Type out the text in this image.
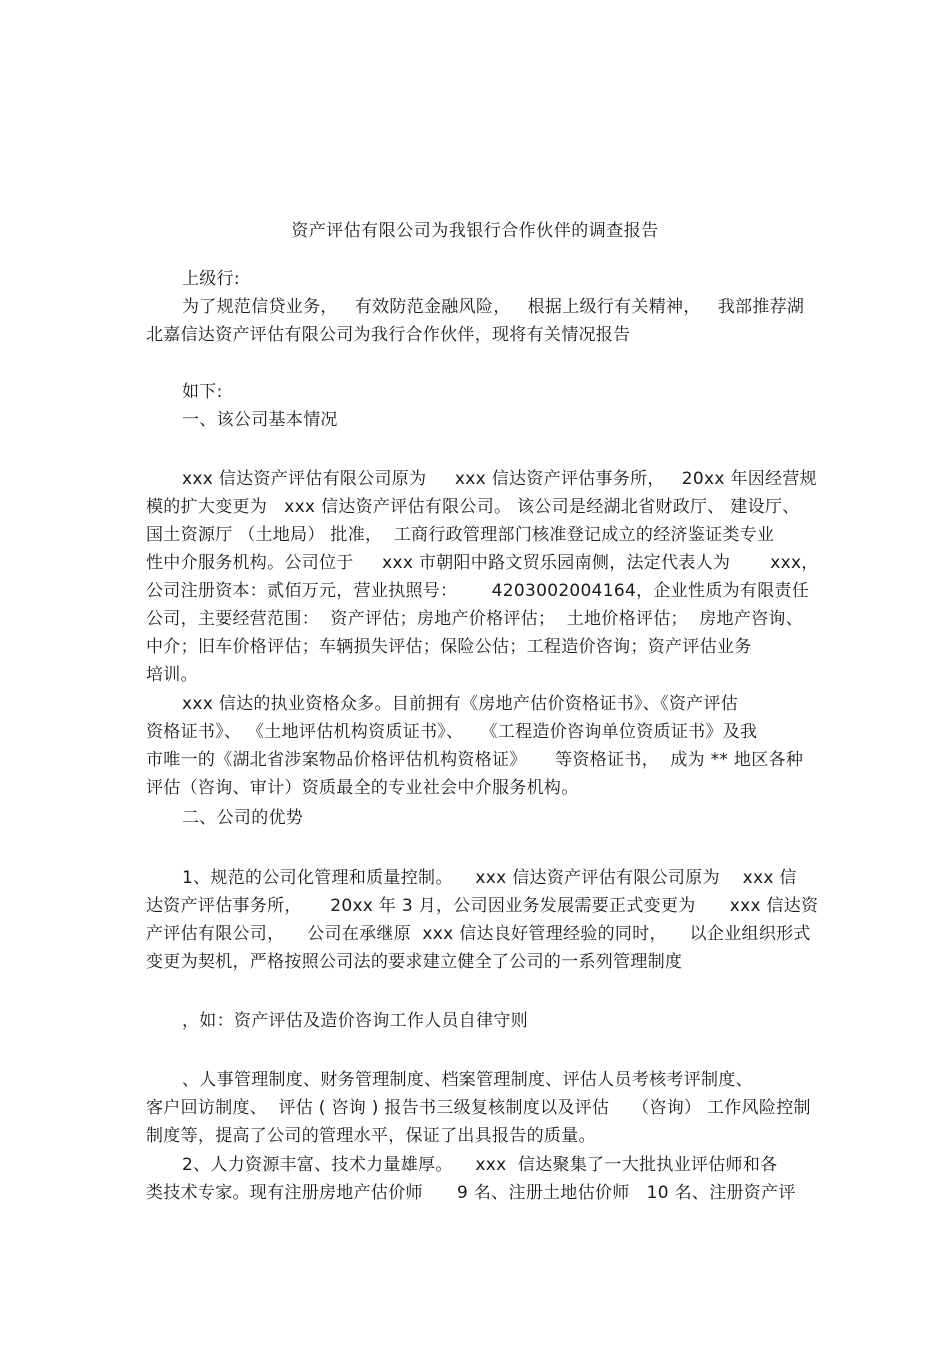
资产评估有限公司为我银行合作伙伴的调查报告
上级行:
为了规范信贷业务，   有效防范金融风险，   根据上级行有关精神，   我部推荐湖
北嘉信达资产评估有限公司为我行合作伙伴，现将有关情况报告
如下:
一、该公司基本情况
xxx 信达资产评估有限公司原为     xxx 信达资产评估事务所，   20xx 年因经营规
模的扩大变更为   xxx 信达资产评估有限公司。 该公司是经湖北省财政厅、 建设厅、
国土资源厅 （土地局） 批准，  工商行政管理部门核准登记成立的经济鉴证类专业
性中介服务机构。公司位于     xxx 市朝阳中路文贸乐园南侧，法定代表人为       xxx，
公司注册资本：贰佰万元，营业执照号：      4203002004164，企业性质为有限责任
公司，主要经营范围：  资产评估；房地产价格评估；  土地价格评估；  房地产咨询、
中介；旧车价格评估；车辆损失评估；保险公估；工程造价咨询；资产评估业务
培训。
xxx 信达的执业资格众多。目前拥有《房地产估价资格证书》、《资产评估
资格证书》、 《土地评估机构资质证书》、   《工程造价咨询单位资质证书》及我
市唯一的《湖北省涉案物品价格评估机构资格证》     等资格证书，  成为 ** 地区各种
评估（咨询、审计）资质最全的专业社会中介服务机构。
二、公司的优势
1、规范的公司化管理和质量控制。    xxx 信达资产评估有限公司原为    xxx 信
达资产评估事务所，     20xx 年 3 月，公司因业务发展需要正式变更为      xxx 信达资
产评估有限公司，    公司在承继原  xxx 信达良好管理经验的同时，    以企业组织形式
变更为契机，严格按照公司法的要求建立健全了公司的一系列管理制度
，如：资产评估及造价咨询工作人员自律守则
、人事管理制度、财务管理制度、档案管理制度、评估人员考核考评制度、
客户回访制度、  评估 ( 咨询 ) 报告书三级复核制度以及评估    （咨询） 工作风险控制
制度等，提高了公司的管理水平，保证了出具报告的质量。
2、人力资源丰富、技术力量雄厚。    xxx  信达聚集了一大批执业评估师和各
类技术专家。现有注册房地产估价师      9 名、注册土地估价师   10 名、注册资产评
